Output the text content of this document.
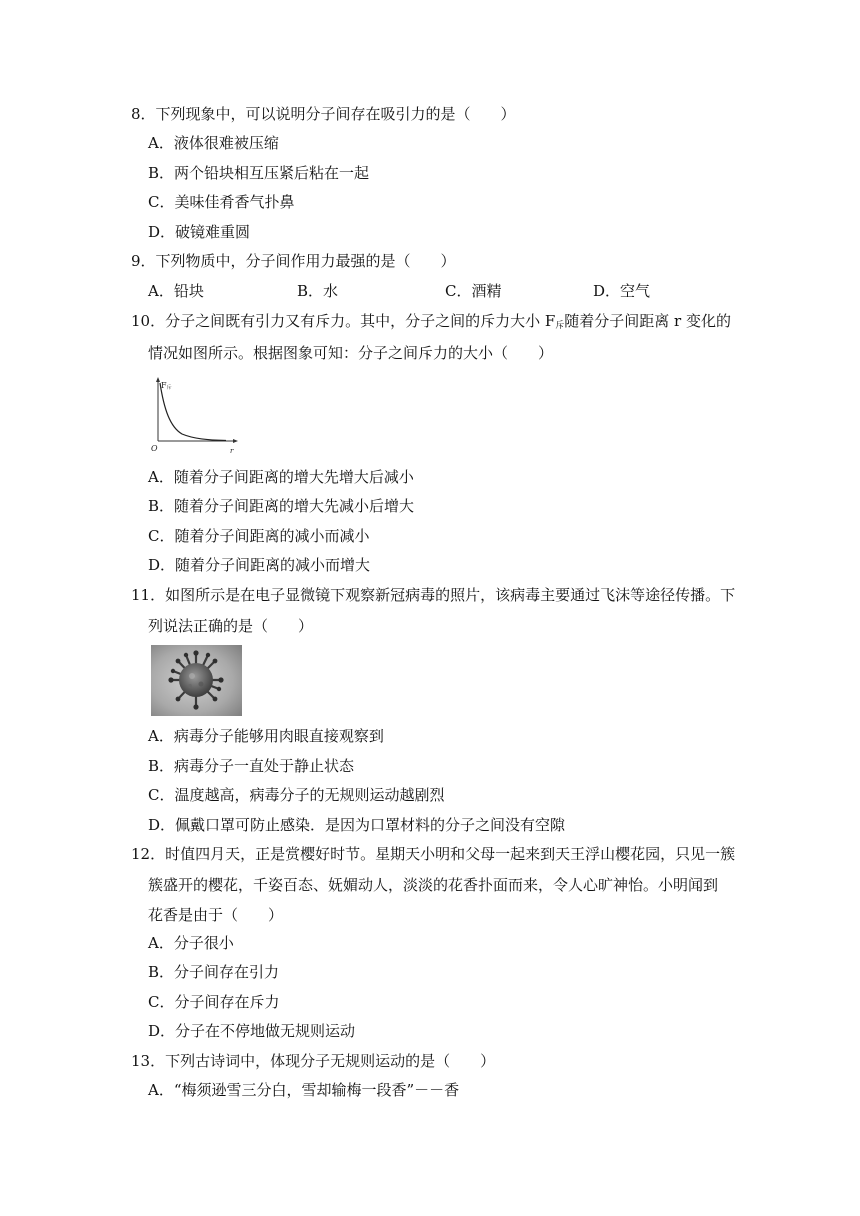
8．下列现象中，可以说明分子间存在吸引力的是（　　）
A．液体很难被压缩
B．两个铅块相互压紧后粘在一起
C．美味佳肴香气扑鼻
D．破镜难重圆
9．下列物质中，分子间作用力最强的是（　　）
A．铅块	B．水	C．酒精	D．空气
10．分子之间既有引力又有斥力。其中，分子之间的斥力大小 $F_斥$随着分子间距离 r 变化的
情况如图所示。根据图象可知：分子之间斥力的大小（　　）
F斥
O	r
A．随着分子间距离的增大先增大后减小
B．随着分子间距离的增大先减小后增大
C．随着分子间距离的减小而减小
D．随着分子间距离的减小而增大
11．如图所示是在电子显微镜下观察新冠病毒的照片，该病毒主要通过飞沫等途径传播。下
列说法正确的是（　　）
A．病毒分子能够用肉眼直接观察到
B．病毒分子一直处于静止状态
C．温度越高，病毒分子的无规则运动越剧烈
D．佩戴口罩可防止感染．是因为口罩材料的分子之间没有空隙
12．时值四月天，正是赏樱好时节。星期天小明和父母一起来到天王浮山樱花园，只见一簇
簇盛开的樱花，千姿百态、妩媚动人，淡淡的花香扑面而来，令人心旷神怡。小明闻到
花香是由于（　　）
A．分子很小
B．分子间存在引力
C．分子间存在斥力
D．分子在不停地做无规则运动
13．下列古诗词中，体现分子无规则运动的是（　　）
A．“梅须逊雪三分白，雪却输梅一段香”－－香
